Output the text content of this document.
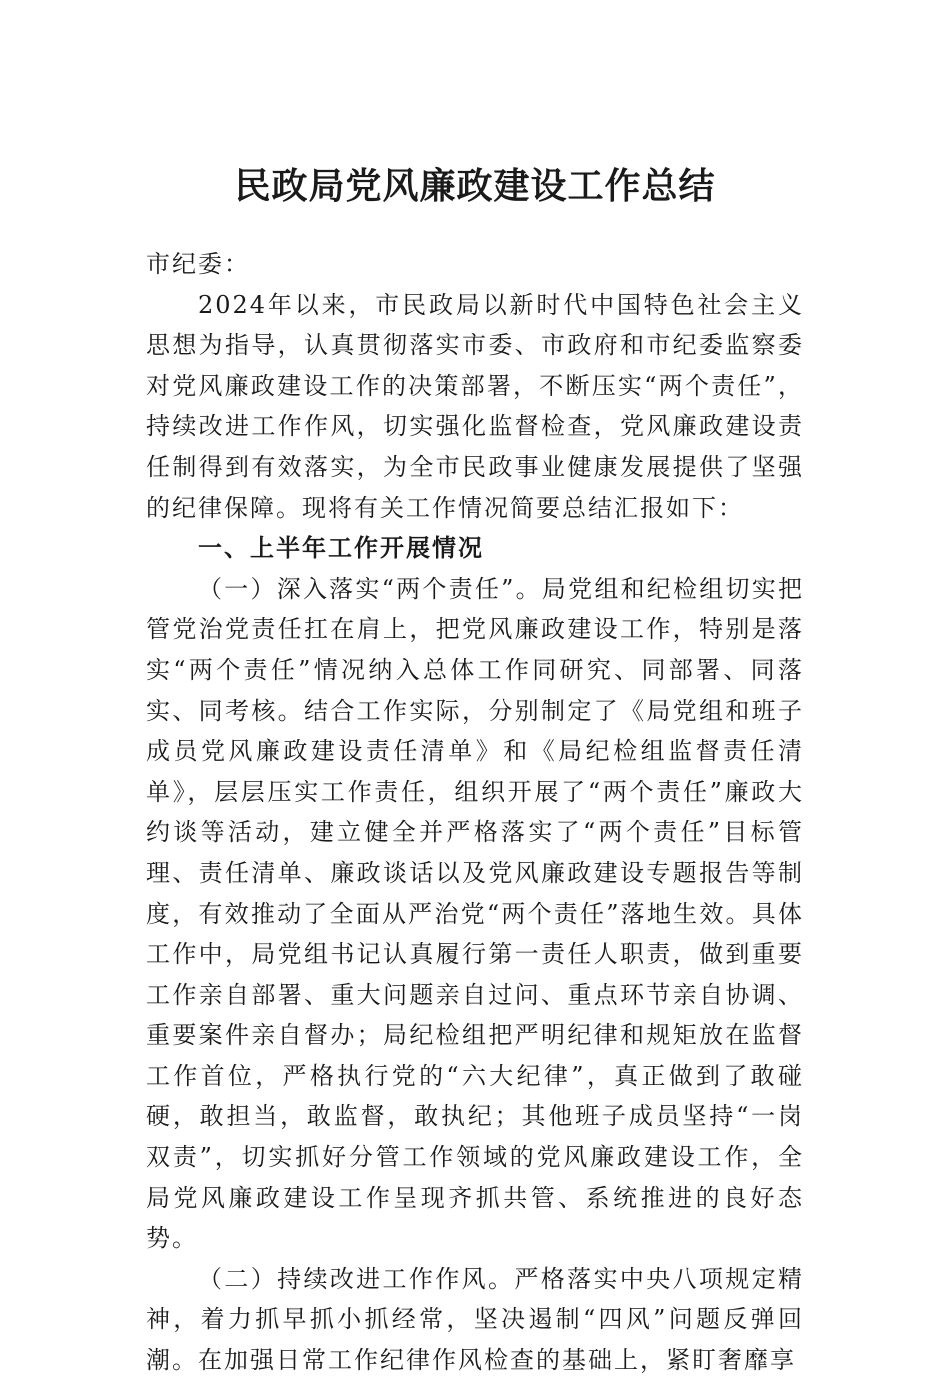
民政局党风廉政建设工作总结

市纪委：

2024年以来，市民政局以新时代中国特色社会主义思想为指导，认真贯彻落实市委、市政府和市纪委监察委对党风廉政建设工作的决策部署，不断压实“两个责任”，持续改进工作作风，切实强化监督检查，党风廉政建设责任制得到有效落实，为全市民政事业健康发展提供了坚强的纪律保障。现将有关工作情况简要总结汇报如下：

一、上半年工作开展情况

（一）深入落实“两个责任”。局党组和纪检组切实把管党治党责任扛在肩上，把党风廉政建设工作，特别是落实“两个责任”情况纳入总体工作同研究、同部署、同落实、同考核。结合工作实际，分别制定了《局党组和班子成员党风廉政建设责任清单》和《局纪检组监督责任清单》，层层压实工作责任，组织开展了“两个责任”廉政大约谈等活动，建立健全并严格落实了“两个责任”目标管理、责任清单、廉政谈话以及党风廉政建设专题报告等制度，有效推动了全面从严治党“两个责任”落地生效。具体工作中，局党组书记认真履行第一责任人职责，做到重要工作亲自部署、重大问题亲自过问、重点环节亲自协调、重要案件亲自督办；局纪检组把严明纪律和规矩放在监督工作首位，严格执行党的“六大纪律”，真正做到了敢碰硬，敢担当，敢监督，敢执纪；其他班子成员坚持“一岗双责”，切实抓好分管工作领域的党风廉政建设工作，全局党风廉政建设工作呈现齐抓共管、系统推进的良好态势。

（二）持续改进工作作风。严格落实中央八项规定精神，着力抓早抓小抓经常，坚决遏制“四风”问题反弹回潮。在加强日常工作纪律作风检查的基础上，紧盯奢靡享
